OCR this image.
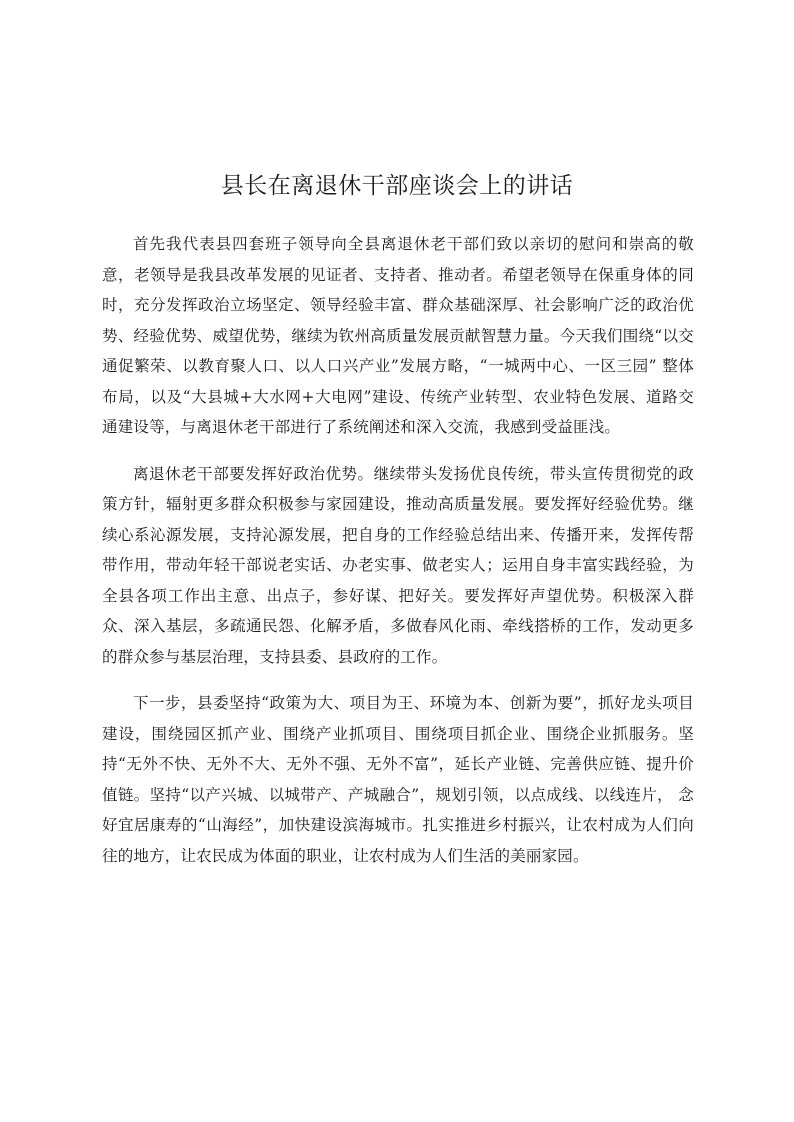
县长在离退休干部座谈会上的讲话

首先我代表县四套班子领导向全县离退休老干部们致以亲切的慰问和崇高的敬意，老领导是我县改革发展的见证者、支持者、推动者。希望老领导在保重身体的同时，充分发挥政治立场坚定、领导经验丰富、群众基础深厚、社会影响广泛的政治优势、经验优势、威望优势，继续为钦州高质量发展贡献智慧力量。今天我们围绕“以交通促繁荣、以教育聚人口、以人口兴产业”发展方略，“一城两中心、一区三园” 整体布局，以及“大县城+大水网+大电网”建设、传统产业转型、农业特色发展、道路交通建设等，与离退休老干部进行了系统阐述和深入交流，我感到受益匪浅。

离退休老干部要发挥好政治优势。继续带头发扬优良传统，带头宣传贯彻党的政策方针，辐射更多群众积极参与家园建设，推动高质量发展。要发挥好经验优势。继续心系沁源发展，支持沁源发展，把自身的工作经验总结出来、传播开来，发挥传帮带作用，带动年轻干部说老实话、办老实事、做老实人；运用自身丰富实践经验，为全县各项工作出主意、出点子，参好谋、把好关。要发挥好声望优势。积极深入群众、深入基层，多疏通民怨、化解矛盾，多做春风化雨、牵线搭桥的工作，发动更多的群众参与基层治理，支持县委、县政府的工作。

下一步，县委坚持“政策为大、项目为王、环境为本、创新为要”，抓好龙头项目建设，围绕园区抓产业、围绕产业抓项目、围绕项目抓企业、围绕企业抓服务。坚持“无外不快、无外不大、无外不强、无外不富”，延长产业链、完善供应链、提升价值链。坚持“以产兴城、以城带产、产城融合”，规划引领，以点成线、以线连片， 念好宜居康寿的“山海经”，加快建设滨海城市。扎实推进乡村振兴，让农村成为人们向往的地方，让农民成为体面的职业，让农村成为人们生活的美丽家园。
